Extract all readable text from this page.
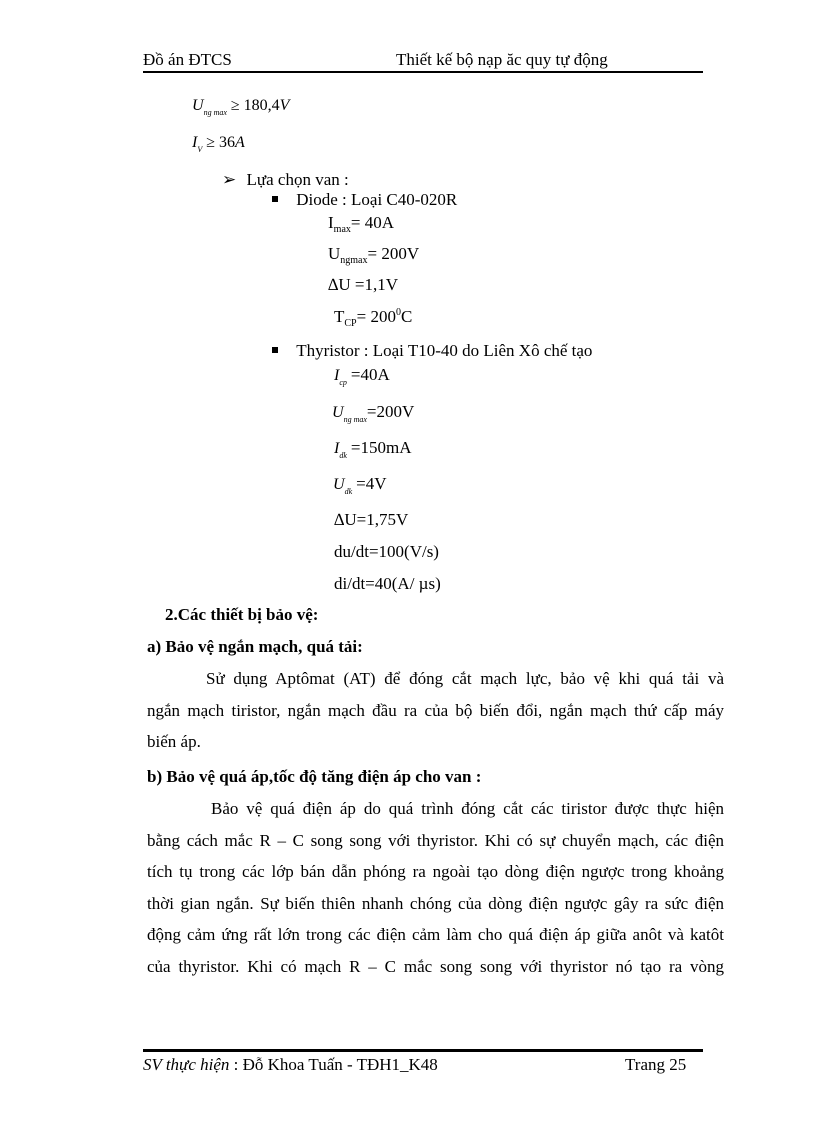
Đồ án ĐTCS	Thiết kế bộ nạp ăc quy tự động
$U_{ng max} \ge 180,4V$
$I_V \ge 36A$
➢ Lựa chọn van :
Diode : Loại C40-020R
$I_{max}= 40A$
$U_{ngmax}= 200V$
∆U =1,1V
$T_{CP}= 200^0C$
Thyristor : Loại T10-40 do Liên Xô chế tạo
$I_{cp} =40A$
$U_{ng max}=200V$
$I_{dk} =150mA$
$U_{dk} =4V$
∆U=1,75V
du/dt=100(V/s)
di/dt=40(A/ µs)
2.Các thiết bị bảo vệ:
a) Bảo vệ ngắn mạch, quá tải:
Sử dụng Aptômat (AT) để đóng cắt mạch lực, bảo vệ khi quá tải và
ngắn mạch tiristor, ngắn mạch đầu ra của bộ biến đổi, ngắn mạch thứ cấp máy
biến áp.
b) Bảo vệ quá áp,tốc độ tăng điện áp cho van :
Bảo vệ quá điện áp do quá trình đóng cắt các tiristor được thực hiện
bằng cách mắc R – C song song với thyristor. Khi có sự chuyển mạch, các điện
tích tụ trong các lớp bán dẫn phóng ra ngoài tạo dòng điện ngược trong khoảng
thời gian ngắn. Sự biến thiên nhanh chóng của dòng điện ngược gây ra sức điện
động cảm ứng rất lớn trong các điện cảm làm cho quá điện áp giữa anôt và katôt
của thyristor. Khi có mạch R – C mắc song song với thyristor nó tạo ra vòng
SV thực hiện : Đỗ Khoa Tuấn - TĐH1_K48	Trang 25
